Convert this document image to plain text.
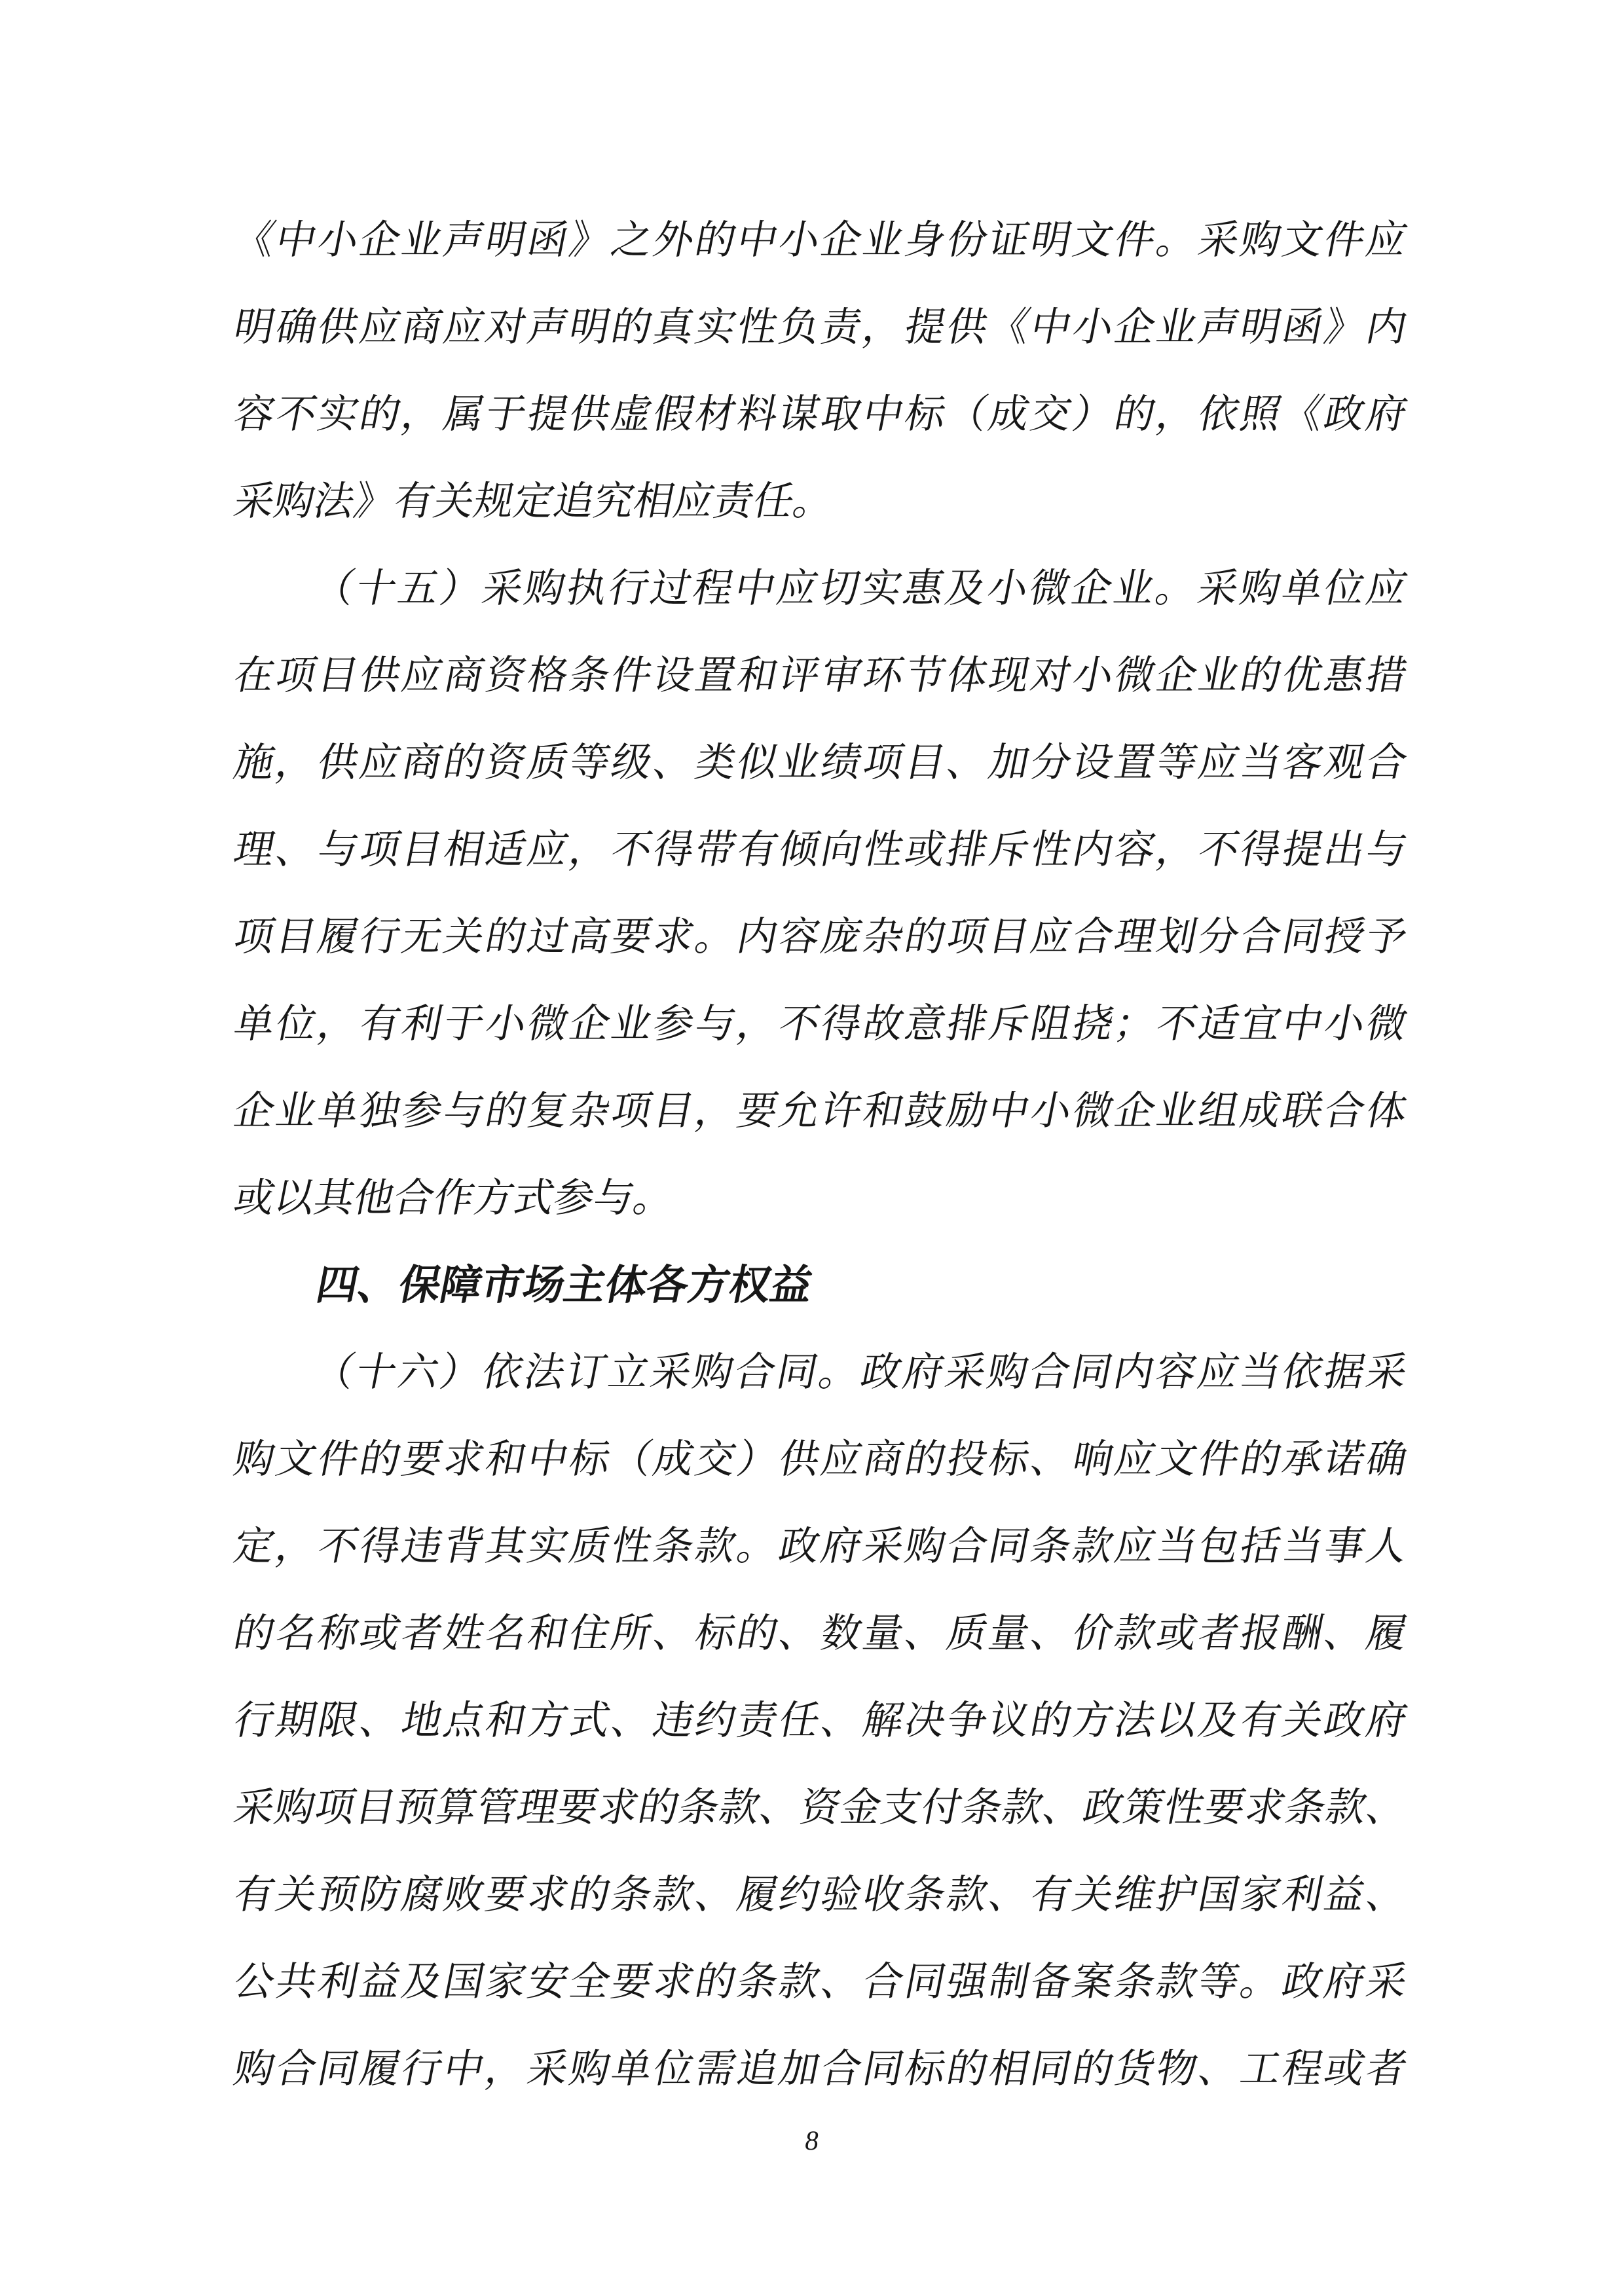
《中小企业声明函》之外的中小企业身份证明文件。采购文件应
明确供应商应对声明的真实性负责，提供《中小企业声明函》内
容不实的，属于提供虚假材料谋取中标（成交）的，依照《政府
采购法》有关规定追究相应责任。
（十五）采购执行过程中应切实惠及小微企业。采购单位应
在项目供应商资格条件设置和评审环节体现对小微企业的优惠措
施，供应商的资质等级、类似业绩项目、加分设置等应当客观合
理、与项目相适应，不得带有倾向性或排斥性内容，不得提出与
项目履行无关的过高要求。内容庞杂的项目应合理划分合同授予
单位，有利于小微企业参与，不得故意排斥阻挠；不适宜中小微
企业单独参与的复杂项目，要允许和鼓励中小微企业组成联合体
或以其他合作方式参与。
四、保障市场主体各方权益
（十六）依法订立采购合同。政府采购合同内容应当依据采
购文件的要求和中标（成交）供应商的投标、响应文件的承诺确
定，不得违背其实质性条款。政府采购合同条款应当包括当事人
的名称或者姓名和住所、标的、数量、质量、价款或者报酬、履
行期限、地点和方式、违约责任、解决争议的方法以及有关政府
采购项目预算管理要求的条款、资金支付条款、政策性要求条款、
有关预防腐败要求的条款、履约验收条款、有关维护国家利益、
公共利益及国家安全要求的条款、合同强制备案条款等。政府采
购合同履行中，采购单位需追加合同标的相同的货物、工程或者
8
